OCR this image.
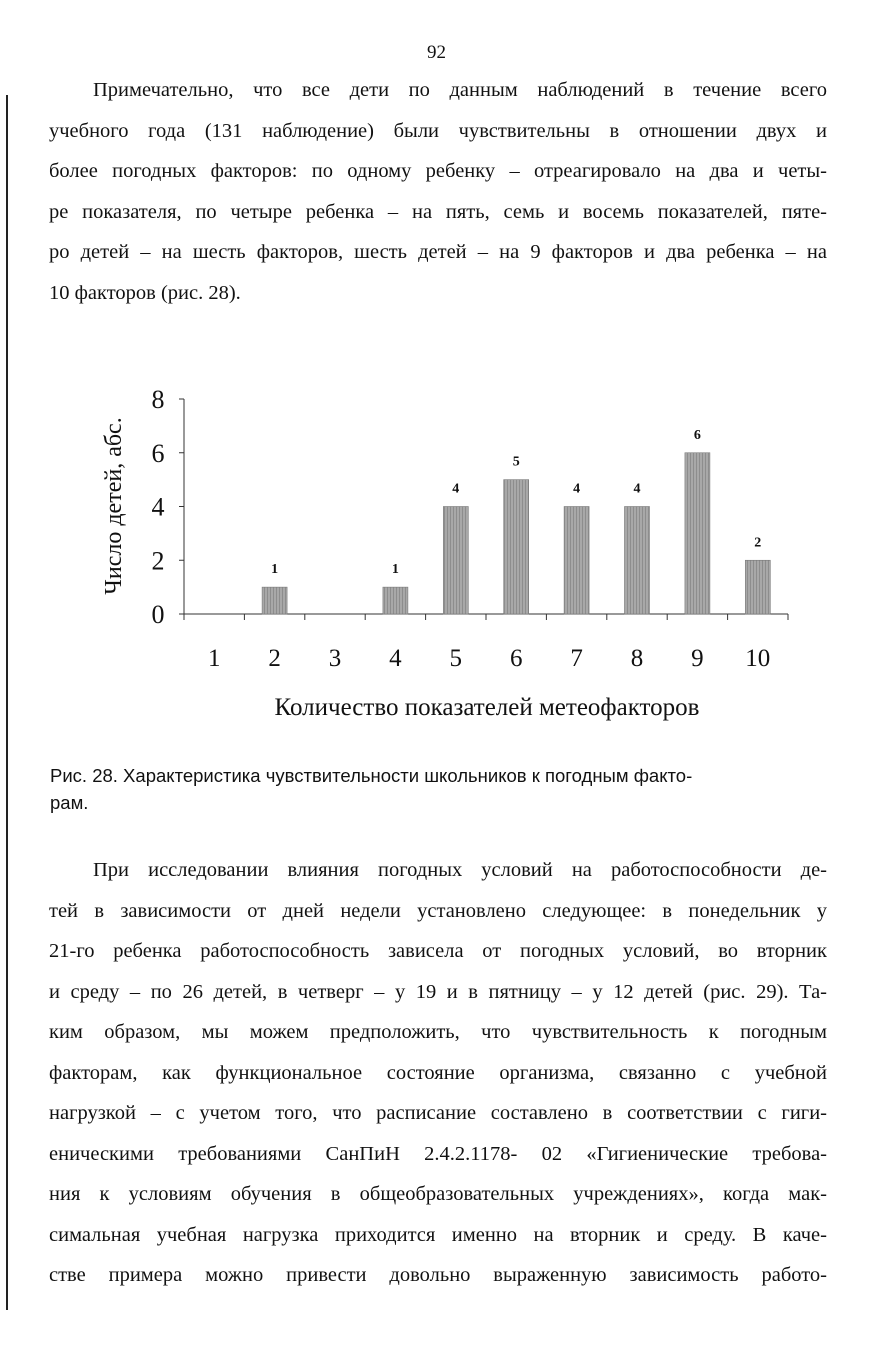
92
Примечательно, что все дети по данным наблюдений в течение всего
учебного года (131 наблюдение) были чувствительны в отношении двух и
более погодных факторов: по одному ребенку – отреагировало на два и четы-
ре показателя, по четыре ребенка – на пять, семь и восемь показателей, пяте-
ро детей – на шесть факторов, шесть детей – на 9 факторов и два ребенка – на
10 факторов (рис. 28).
0
2
4
6
8
1
1
2 3
1
4
4
5
5
6
4
7
4
8
6
9
2
10
Количество показателей метеофакторов
Число детей, абс.
Рис. 28. Характеристика чувствительности школьников к погодным факто-
рам.
При исследовании влияния погодных условий на работоспособности де-
тей в зависимости от дней недели установлено следующее: в понедельник у
21-го ребенка работоспособность зависела от погодных условий, во вторник
и среду – по 26 детей, в четверг – у 19 и в пятницу – у 12 детей (рис. 29). Та-
ким образом, мы можем предположить, что чувствительность к погодным
факторам, как функциональное состояние организма, связанно с учебной
нагрузкой – с учетом того, что расписание составлено в соответствии с гиги-
еническими требованиями СанПиН 2.4.2.1178- 02 «Гигиенические требова-
ния к условиям обучения в общеобразовательных учреждениях», когда мак-
симальная учебная нагрузка приходится именно на вторник и среду. В каче-
стве примера можно привести довольно выраженную зависимость работо-
